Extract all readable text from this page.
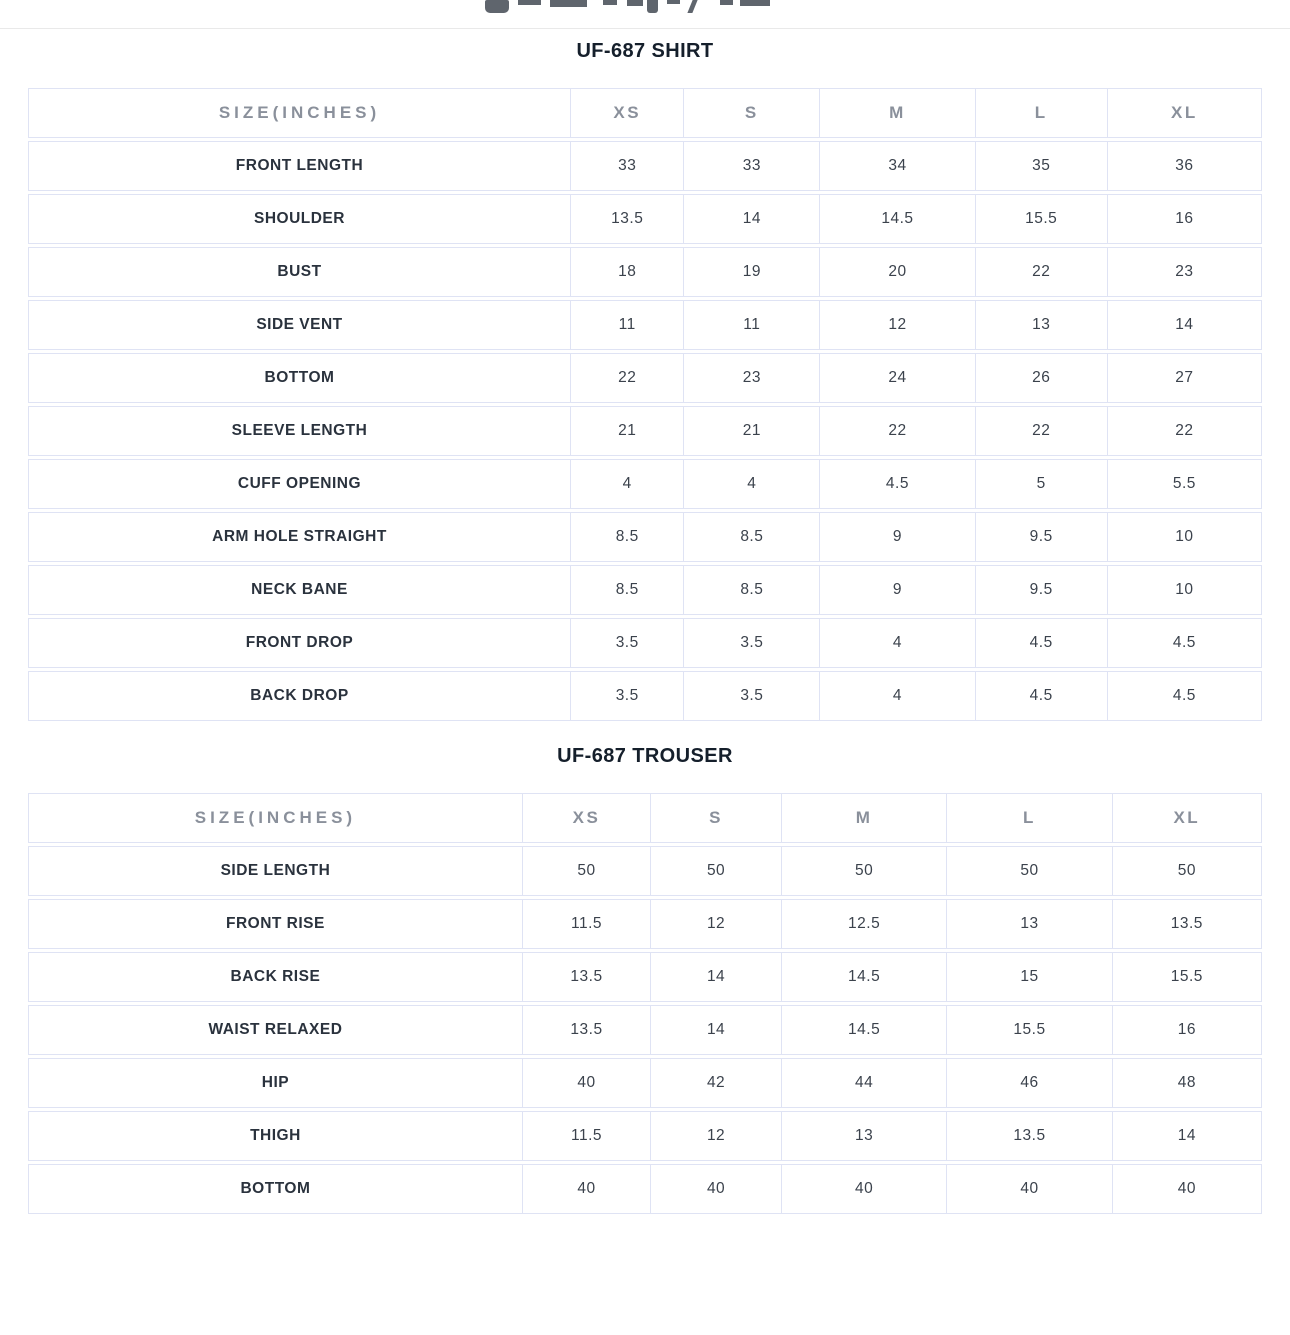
UF-687 SHIRT
SIZE(INCHES)	XS	S	M	L	XL
FRONT LENGTH	33	33	34	35	36
SHOULDER	13.5	14	14.5	15.5	16
BUST	18	19	20	22	23
SIDE VENT	11	11	12	13	14
BOTTOM	22	23	24	26	27
SLEEVE LENGTH	21	21	22	22	22
CUFF OPENING	4	4	4.5	5	5.5
ARM HOLE STRAIGHT	8.5	8.5	9	9.5	10
NECK BANE	8.5	8.5	9	9.5	10
FRONT DROP	3.5	3.5	4	4.5	4.5
BACK DROP	3.5	3.5	4	4.5	4.5
UF-687 TROUSER
SIZE(INCHES)	XS	S	M	L	XL
SIDE LENGTH	50	50	50	50	50
FRONT RISE	11.5	12	12.5	13	13.5
BACK RISE	13.5	14	14.5	15	15.5
WAIST RELAXED	13.5	14	14.5	15.5	16
HIP	40	42	44	46	48
THIGH	11.5	12	13	13.5	14
BOTTOM	40	40	40	40	40
